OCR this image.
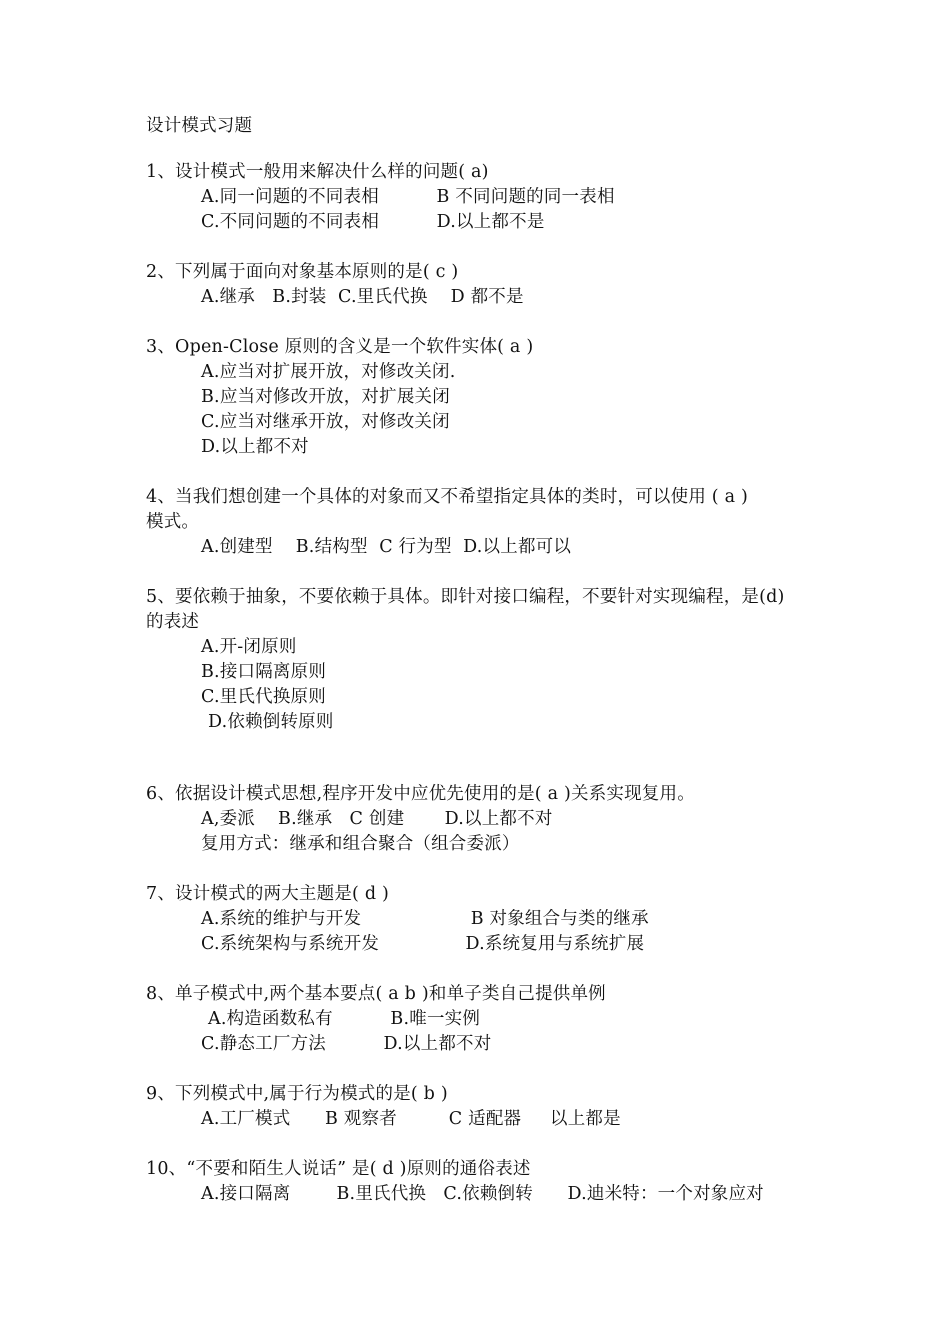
设计模式习题

1、设计模式一般用来解决什么样的问题( a)

A.同一问题的不同表相          B 不同问题的同一表相

C.不同问题的不同表相          D.以上都不是

2、下列属于面向对象基本原则的是( c )

A.继承   B.封装  C.里氏代换    D 都不是

3、Open-Close 原则的含义是一个软件实体( a )

A.应当对扩展开放，对修改关闭.

B.应当对修改开放，对扩展关闭

C.应当对继承开放，对修改关闭

D.以上都不对

4、当我们想创建一个具体的对象而又不希望指定具体的类时，可以使用 ( a )

模式。

A.创建型    B.结构型  C 行为型  D.以上都可以

5、要依赖于抽象，不要依赖于具体。即针对接口编程，不要针对实现编程，是(d)

的表述

A.开-闭原则

B.接口隔离原则

C.里氏代换原则

D.依赖倒转原则

6、依据设计模式思想,程序开发中应优先使用的是( a )关系实现复用。

A,委派    B.继承   C 创建       D.以上都不对

复用方式：继承和组合聚合（组合委派）

7、设计模式的两大主题是( d )

A.系统的维护与开发                   B 对象组合与类的继承

C.系统架构与系统开发               D.系统复用与系统扩展

8、单子模式中,两个基本要点( a b )和单子类自己提供单例

A.构造函数私有          B.唯一实例

C.静态工厂方法          D.以上都不对

9、下列模式中,属于行为模式的是( b )

A.工厂模式      B 观察者         C 适配器     以上都是

10、“不要和陌生人说话” 是( d )原则的通俗表述

A.接口隔离        B.里氏代换   C.依赖倒转      D.迪米特：一个对象应对
